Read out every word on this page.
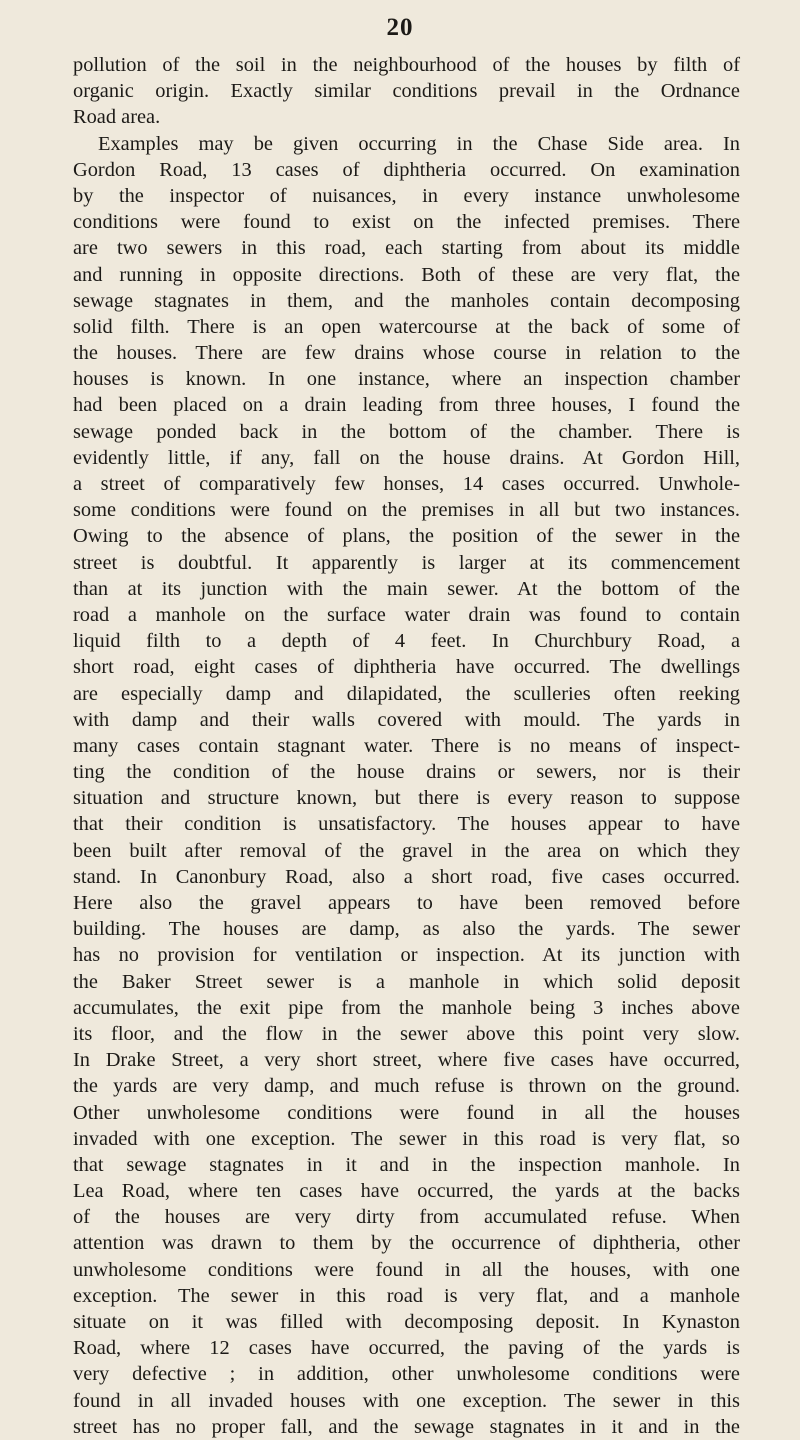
20
pollution of the soil in the neighbourhood of the houses by filth of
organic origin. Exactly similar conditions prevail in the Ordnance
Road area.
Examples may be given occurring in the Chase Side area. In
Gordon Road, 13 cases of diphtheria occurred. On examination
by the inspector of nuisances, in every instance unwholesome
conditions were found to exist on the infected premises. There
are two sewers in this road, each starting from about its middle
and running in opposite directions. Both of these are very flat, the
sewage stagnates in them, and the manholes contain decomposing
solid filth. There is an open watercourse at the back of some of
the houses. There are few drains whose course in relation to the
houses is known. In one instance, where an inspection chamber
had been placed on a drain leading from three houses, I found the
sewage ponded back in the bottom of the chamber. There is
evidently little, if any, fall on the house drains. At Gordon Hill,
a street of comparatively few honses, 14 cases occurred. Unwhole-
some conditions were found on the premises in all but two instances.
Owing to the absence of plans, the position of the sewer in the
street is doubtful. It apparently is larger at its commencement
than at its junction with the main sewer. At the bottom of the
road a manhole on the surface water drain was found to contain
liquid filth to a depth of 4 feet. In Churchbury Road, a
short road, eight cases of diphtheria have occurred. The dwellings
are especially damp and dilapidated, the sculleries often reeking
with damp and their walls covered with mould. The yards in
many cases contain stagnant water. There is no means of inspect-
ting the condition of the house drains or sewers, nor is their
situation and structure known, but there is every reason to suppose
that their condition is unsatisfactory. The houses appear to have
been built after removal of the gravel in the area on which they
stand. In Canonbury Road, also a short road, five cases occurred.
Here also the gravel appears to have been removed before
building. The houses are damp, as also the yards. The sewer
has no provision for ventilation or inspection. At its junction with
the Baker Street sewer is a manhole in which solid deposit
accumulates, the exit pipe from the manhole being 3 inches above
its floor, and the flow in the sewer above this point very slow.
In Drake Street, a very short street, where five cases have occurred,
the yards are very damp, and much refuse is thrown on the ground.
Other unwholesome conditions were found in all the houses
invaded with one exception. The sewer in this road is very flat, so
that sewage stagnates in it and in the inspection manhole. In
Lea Road, where ten cases have occurred, the yards at the backs
of the houses are very dirty from accumulated refuse. When
attention was drawn to them by the occurrence of diphtheria, other
unwholesome conditions were found in all the houses, with one
exception. The sewer in this road is very flat, and a manhole
situate on it was filled with decomposing deposit. In Kynaston
Road, where 12 cases have occurred, the paving of the yards is
very defective ; in addition, other unwholesome conditions were
found in all invaded houses with one exception. The sewer in this
street has no proper fall, and the sewage stagnates in it and in the
